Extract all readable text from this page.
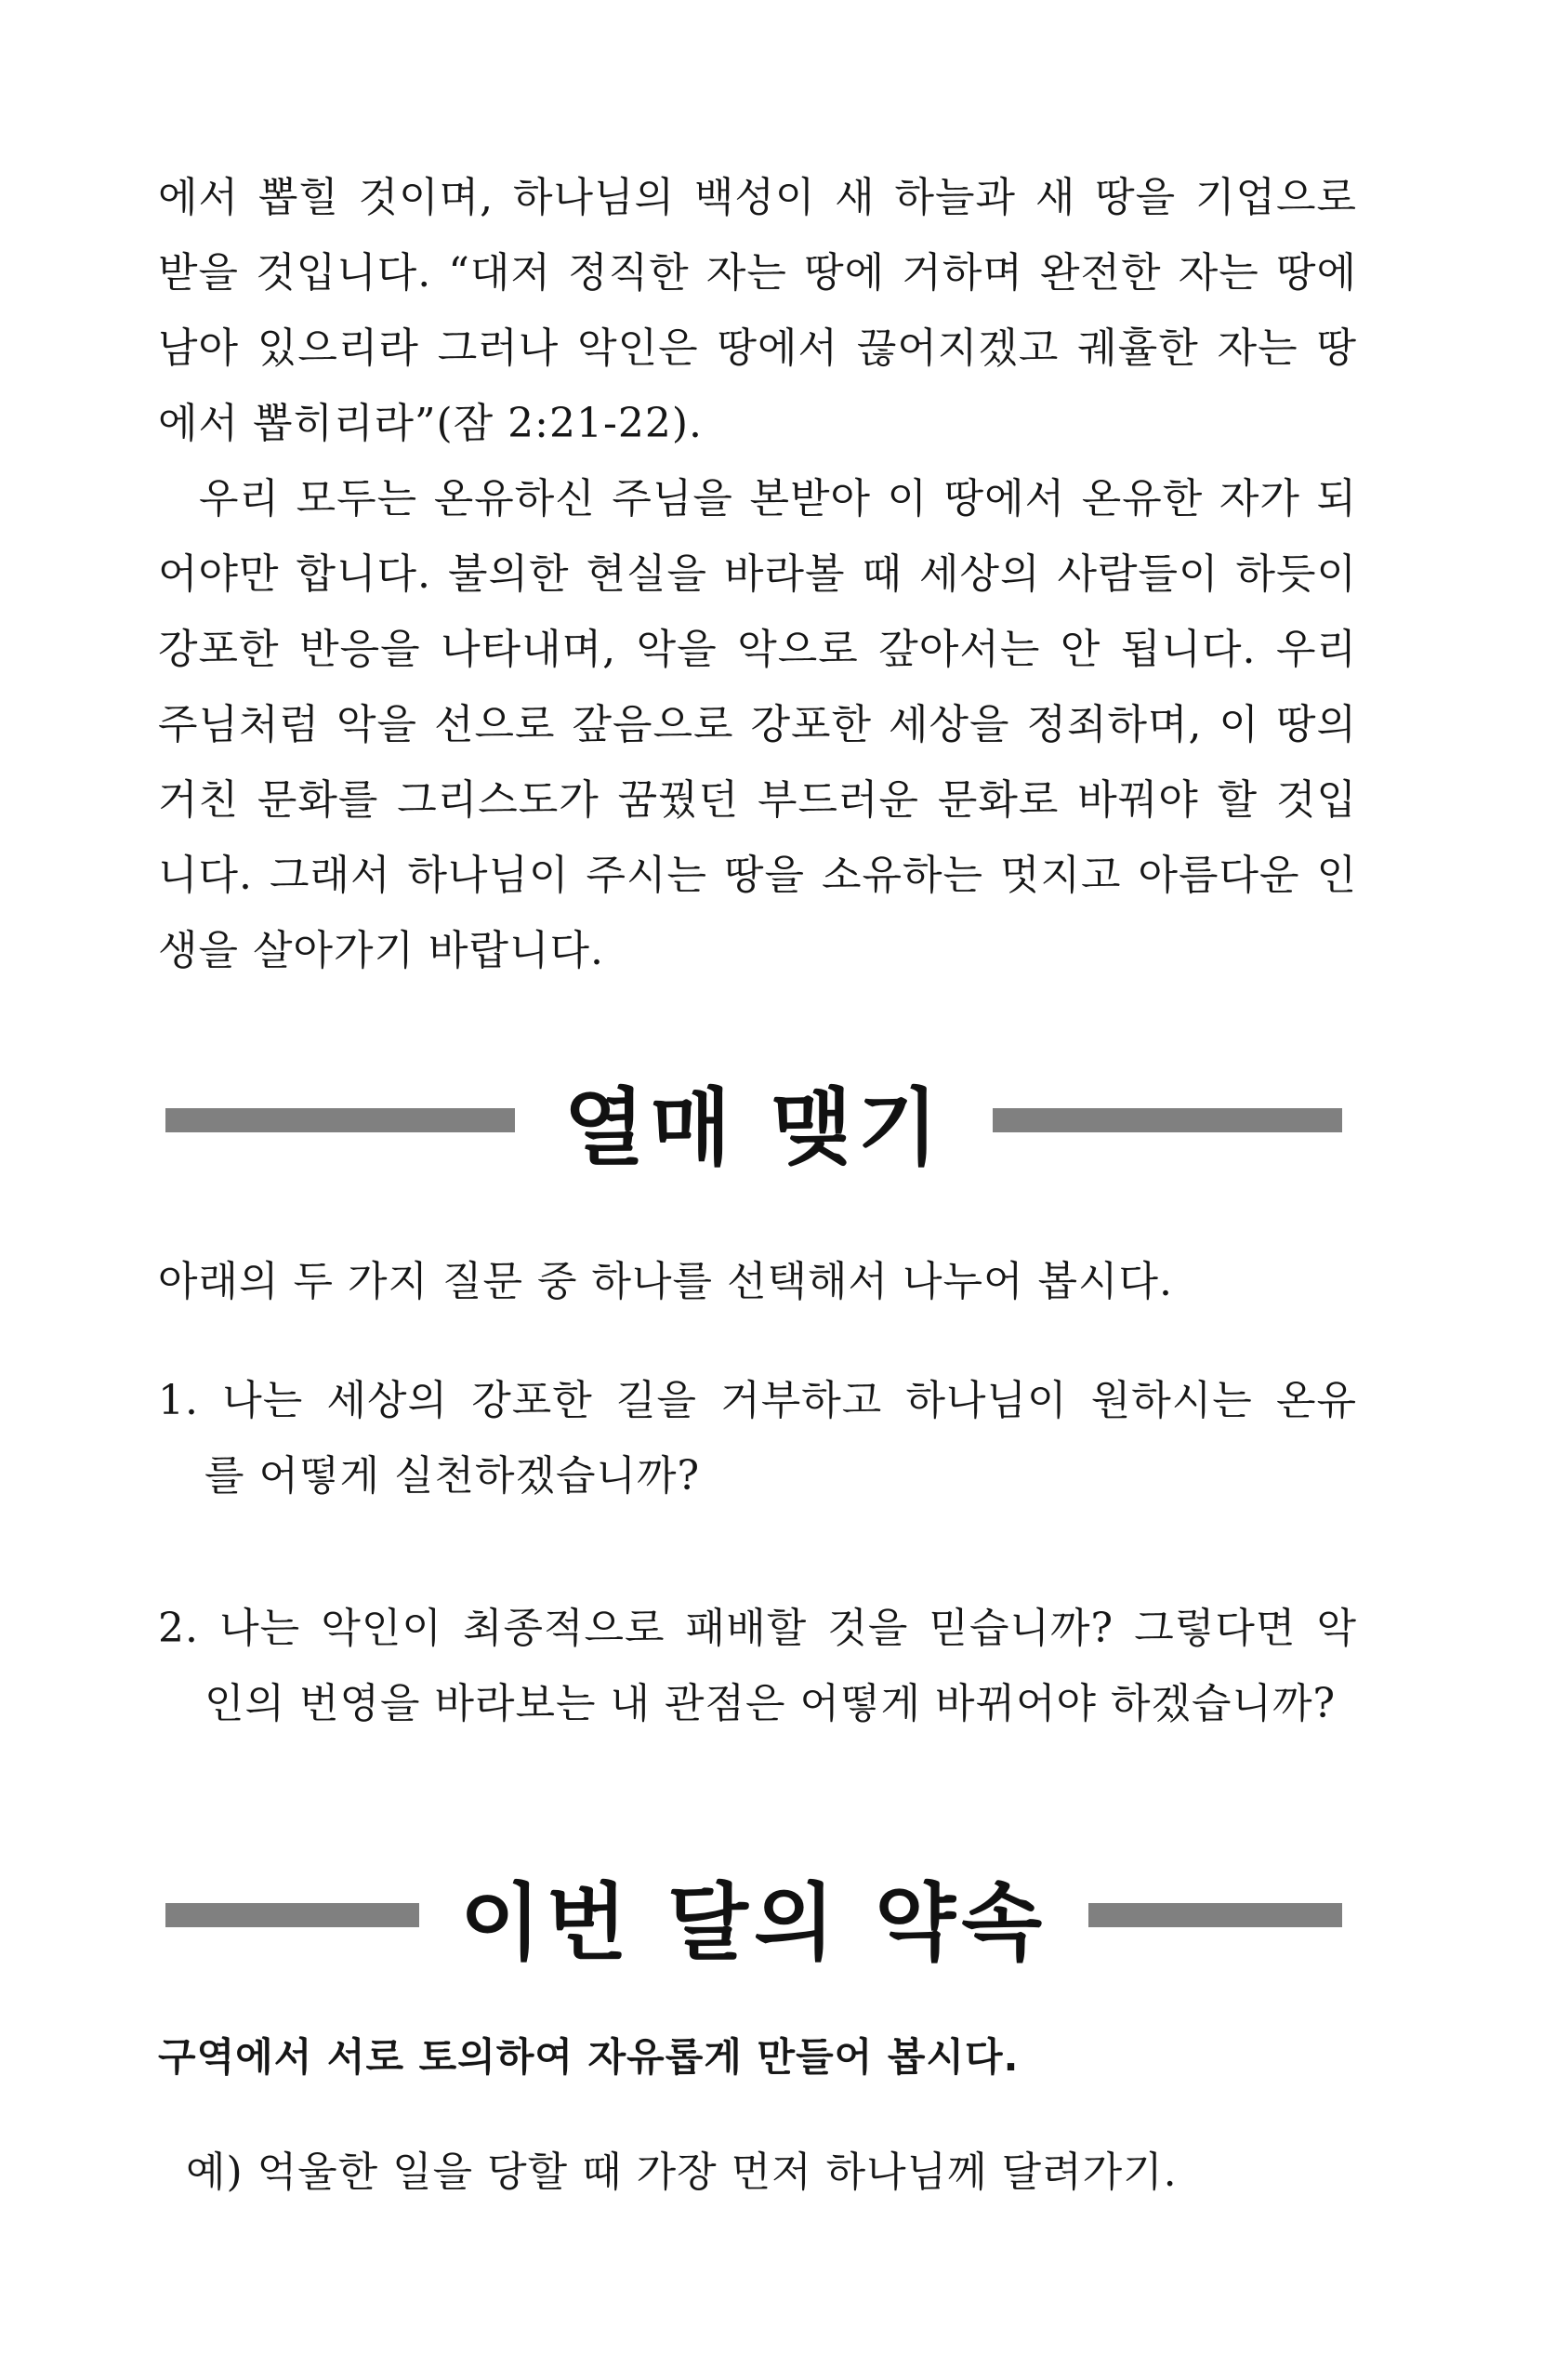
에서 뽑힐 것이며, 하나님의 백성이 새 하늘과 새 땅을 기업으로 받을 것입니다. “대저 정직한 자는 땅에 거하며 완전한 자는 땅에 남아 있으리라 그러나 악인은 땅에서 끊어지겠고 궤휼한 자는 땅에서 뽑히리라”(잠 2:21-22).

우리 모두는 온유하신 주님을 본받아 이 땅에서 온유한 자가 되어야만 합니다. 불의한 현실을 바라볼 때 세상의 사람들이 하듯이 강포한 반응을 나타내며, 악을 악으로 갚아서는 안 됩니다. 우리 주님처럼 악을 선으로 갚음으로 강포한 세상을 정죄하며, 이 땅의 거친 문화를 그리스도가 꿈꿨던 부드러운 문화로 바꿔야 할 것입니다. 그래서 하나님이 주시는 땅을 소유하는 멋지고 아름다운 인생을 살아가기 바랍니다.

열매 맺기
아래의 두 가지 질문 중 하나를 선택해서 나누어 봅시다.
1. 나는 세상의 강포한 길을 거부하고 하나님이 원하시는 온유
를 어떻게 실천하겠습니까?
2. 나는 악인이 최종적으로 패배할 것을 믿습니까? 그렇다면 악
인의 번영을 바라보는 내 관점은 어떻게 바뀌어야 하겠습니까?
이번 달의 약속
구역에서 서로 토의하여 자유롭게 만들어 봅시다.
예) 억울한 일을 당할 때 가장 먼저 하나님께 달려가기.
